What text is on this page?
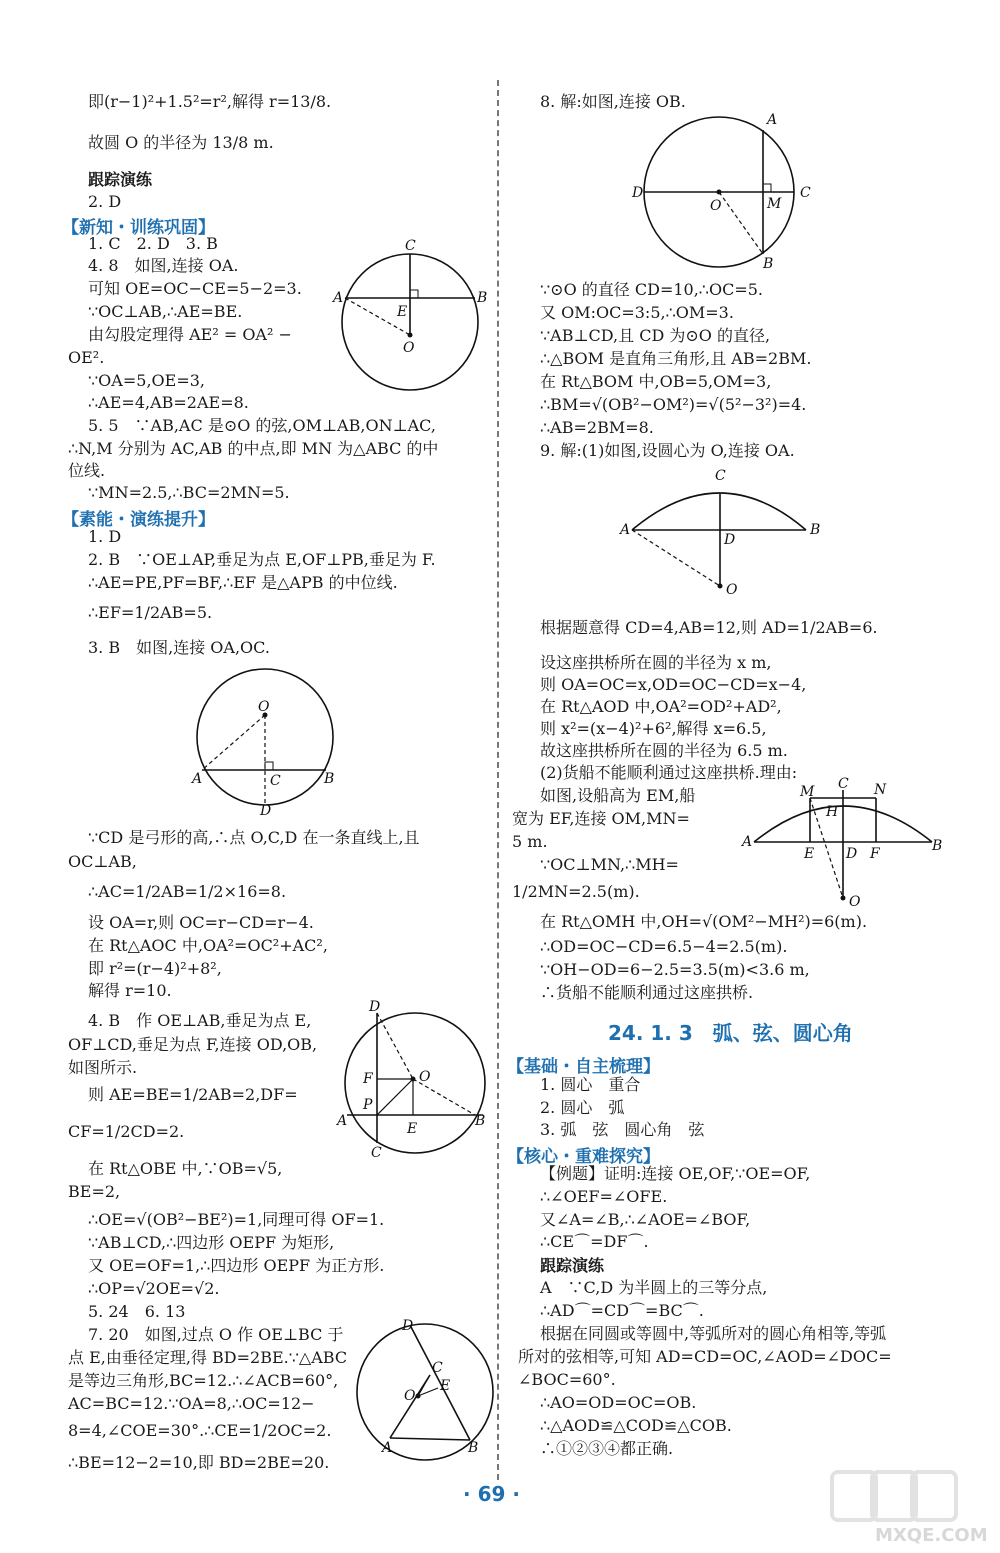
即(r−1)²+1.5²=r²,解得 r=13/8.
故圆 O 的半径为 13/8 m.
跟踪演练
2. D
【新知・训练巩固】
1. C　2. D　3. B
4. 8　如图,连接 OA.
可知 OE=OC−CE=5−2=3.
∵OC⊥AB,∴AE=BE.
由勾股定理得 AE² = OA² −
OE².
∵OA=5,OE=3,
∴AE=4,AB=2AE=8.
5. 5　∵AB,AC 是⊙O 的弦,OM⊥AB,ON⊥AC,
∴N,M 分别为 AC,AB 的中点,即 MN 为△ABC 的中
位线.
∵MN=2.5,∴BC=2MN=5.
【素能・演练提升】
1. D
2. B　∵OE⊥AP,垂足为点 E,OF⊥PB,垂足为 F.
∴AE=PE,PF=BF,∴EF 是△APB 的中位线.
∴EF=1/2AB=5.
3. B　如图,连接 OA,OC.
O
A	C	B
D
∵CD 是弓形的高,∴点 O,C,D 在一条直线上,且
OC⊥AB,
∴AC=1/2AB=1/2×16=8.
设 OA=r,则 OC=r−CD=r−4.
在 Rt△AOC 中,OA²=OC²+AC²,
即 r²=(r−4)²+8²,
解得 r=10.
4. B　作 OE⊥AB,垂足为点 E,
OF⊥CD,垂足为点 F,连接 OD,OB,
如图所示.
则 AE=BE=1/2AB=2,DF=
CF=1/2CD=2.
在 Rt△OBE 中,∵OB=√5,
BE=2,
∴OE=√(OB²−BE²)=1,同理可得 OF=1.
∵AB⊥CD,∴四边形 OEPF 为矩形,
又 OE=OF=1,∴四边形 OEPF 为正方形.
∴OP=√2OE=√2.
5. 24　6. 13
7. 20　如图,过点 O 作 OE⊥BC 于
点 E,由垂径定理,得 BD=2BE.∵△ABC
是等边三角形,BC=12.∴∠ACB=60°,
AC=BC=12.∵OA=8,∴OC=12−
8=4,∠COE=30°.∴CE=1/2OC=2.
∴BE=12−2=10,即 BD=2BE=20.
A	B
C
E
O
D
O
F
P
A	E	B
C
D
C
E
O
A	B
8. 解:如图,连接 OB.
A
D
O	M
C
B
∵⊙O 的直径 CD=10,∴OC=5.
又 OM:OC=3:5,∴OM=3.
∵AB⊥CD,且 CD 为⊙O 的直径,
∴△BOM 是直角三角形,且 AB=2BM.
在 Rt△BOM 中,OB=5,OM=3,
∴BM=√(OB²−OM²)=√(5²−3²)=4.
∴AB=2BM=8.
9. 解:(1)如图,设圆心为 O,连接 OA.
C
A
D
B
O
根据题意得 CD=4,AB=12,则 AD=1/2AB=6.
设这座拱桥所在圆的半径为 x m,
则 OA=OC=x,OD=OC−CD=x−4,
在 Rt△AOD 中,OA²=OD²+AD²,
则 x²=(x−4)²+6²,解得 x=6.5,
故这座拱桥所在圆的半径为 6.5 m.
(2)货船不能顺利通过这座拱桥.理由:
如图,设船高为 EM,船
宽为 EF,连接 OM,MN=
5 m.
∵OC⊥MN,∴MH=
1/2MN=2.5(m).
M C N
H
A
E D F	B
O
在 Rt△OMH 中,OH=√(OM²−MH²)=6(m).
∴OD=OC−CD=6.5−4=2.5(m).
∵OH−OD=6−2.5=3.5(m)<3.6 m,
∴货船不能顺利通过这座拱桥.
24. 1. 3　弧、弦、圆心角
【基础・自主梳理】
1. 圆心　重合
2. 圆心　弧
3. 弧　弦　圆心角　弦
【核心・重难探究】
【例题】证明:连接 OE,OF,∵OE=OF,
∴∠OEF=∠OFE.
又∠A=∠B,∴∠AOE=∠BOF,
∴CE⌒=DF⌒.
跟踪演练
A　∵C,D 为半圆上的三等分点,
∴AD⌒=CD⌒=BC⌒.
根据在同圆或等圆中,等弧所对的圆心角相等,等弧
所对的弦相等,可知 AD=CD=OC,∠AOD=∠DOC=
∠BOC=60°.
∴AO=OD=OC=OB.
∴△AOD≌△COD≌△COB.
∴①②③④都正确.
· 69 ·
MXQE.COM
